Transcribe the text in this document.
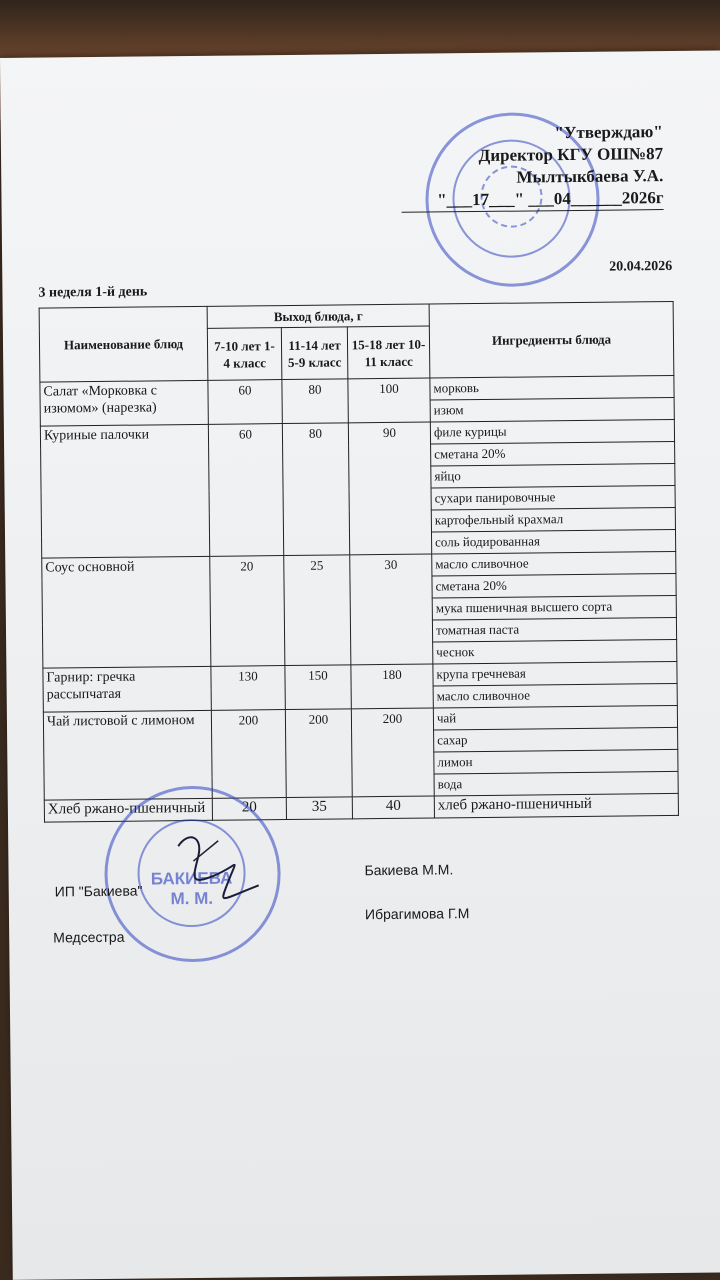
"Утверждаю"
Директор КГУ ОШ№87
Мылтыкбаева У.А.
"___17___" ___04______2026г
20.04.2026
3 неделя 1-й день
Наименование блюд	Выход блюда, г			Ингредиенты блюда
	7-10 лет 1-4 класс	11-14 лет 5-9 класс	15-18 лет 10-11 класс	
Салат «Морковка с изюмом» (нарезка)	60	80	100	морковь
				изюм
Куриные палочки	60	80	90	филе курицы
				сметана 20%
				яйцо
				сухари панировочные
				картофельный крахмал
				соль йодированная
Соус основной	20	25	30	масло сливочное
				сметана 20%
				мука пшеничная высшего сорта
				томатная паста
				чеснок
Гарнир: гречка рассыпчатая	130	150	180	крупа гречневая
				масло сливочное
Чай листовой с лимоном	200	200	200	чай
				сахар
				лимон
				вода
Хлеб ржано-пшеничный	20	35	40	хлеб ржано-пшеничный
БАКИЕВА
М. М.
ИП "Бакиева"
Бакиева М.М.
Медсестра
Ибрагимова Г.М
